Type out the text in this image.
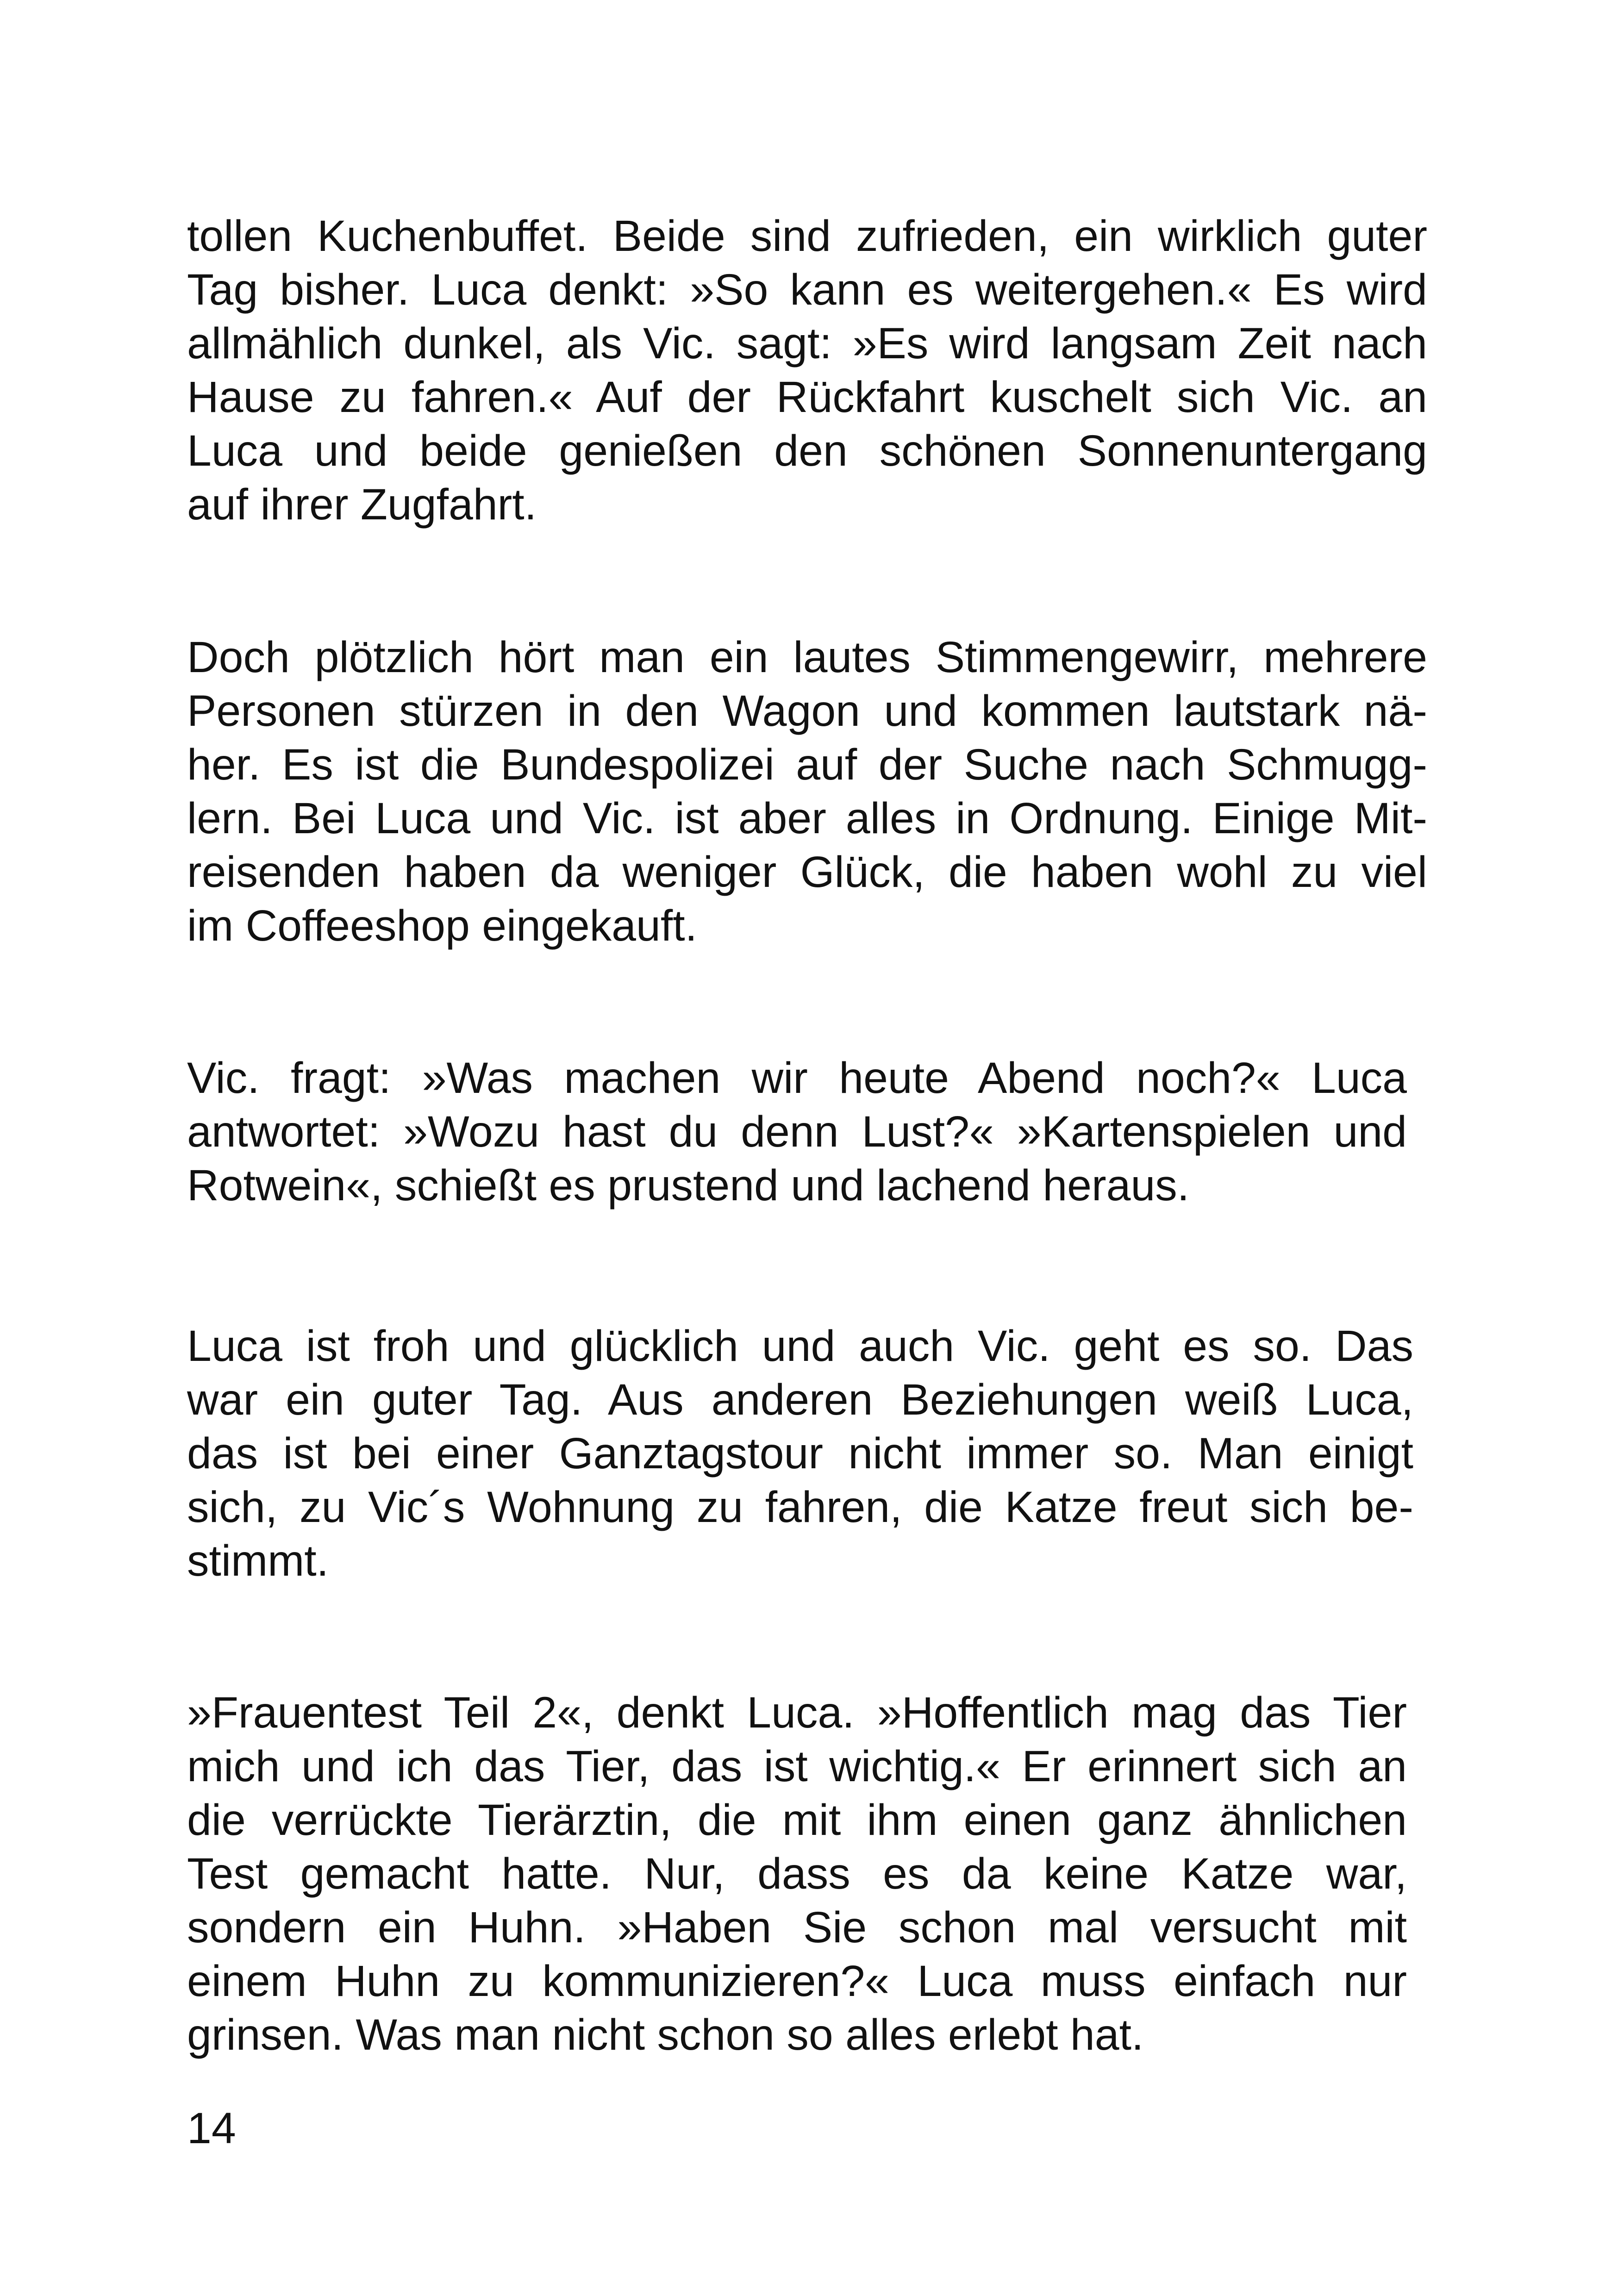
tollen Kuchenbuffet. Beide sind zufrieden, ein wirklich guter
Tag bisher. Luca denkt: »So kann es weitergehen.« Es wird
allmählich dunkel, als Vic. sagt: »Es wird langsam Zeit nach
Hause zu fahren.« Auf der Rückfahrt kuschelt sich Vic. an
Luca und beide genießen den schönen Sonnenuntergang
auf ihrer Zugfahrt.

Doch plötzlich hört man ein lautes Stimmengewirr, mehrere
Personen stürzen in den Wagon und kommen lautstark nä-
her. Es ist die Bundespolizei auf der Suche nach Schmugg-
lern. Bei Luca und Vic. ist aber alles in Ordnung. Einige Mit-
reisenden haben da weniger Glück, die haben wohl zu viel
im Coffeeshop eingekauft.

Vic. fragt: »Was machen wir heute Abend noch?« Luca
antwortet: »Wozu hast du denn Lust?« »Kartenspielen und
Rotwein«, schießt es prustend und lachend heraus.

Luca ist froh und glücklich und auch Vic. geht es so. Das
war ein guter Tag. Aus anderen Beziehungen weiß Luca,
das ist bei einer Ganztagstour nicht immer so. Man einigt
sich, zu Vic´s Wohnung zu fahren, die Katze freut sich be-
stimmt.

»Frauentest Teil 2«, denkt Luca. »Hoffentlich mag das Tier
mich und ich das Tier, das ist wichtig.« Er erinnert sich an
die verrückte Tierärztin, die mit ihm einen ganz ähnlichen
Test gemacht hatte. Nur, dass es da keine Katze war,
sondern ein Huhn. »Haben Sie schon mal versucht mit
einem Huhn zu kommunizieren?« Luca muss einfach nur
grinsen. Was man nicht schon so alles erlebt hat.

14
